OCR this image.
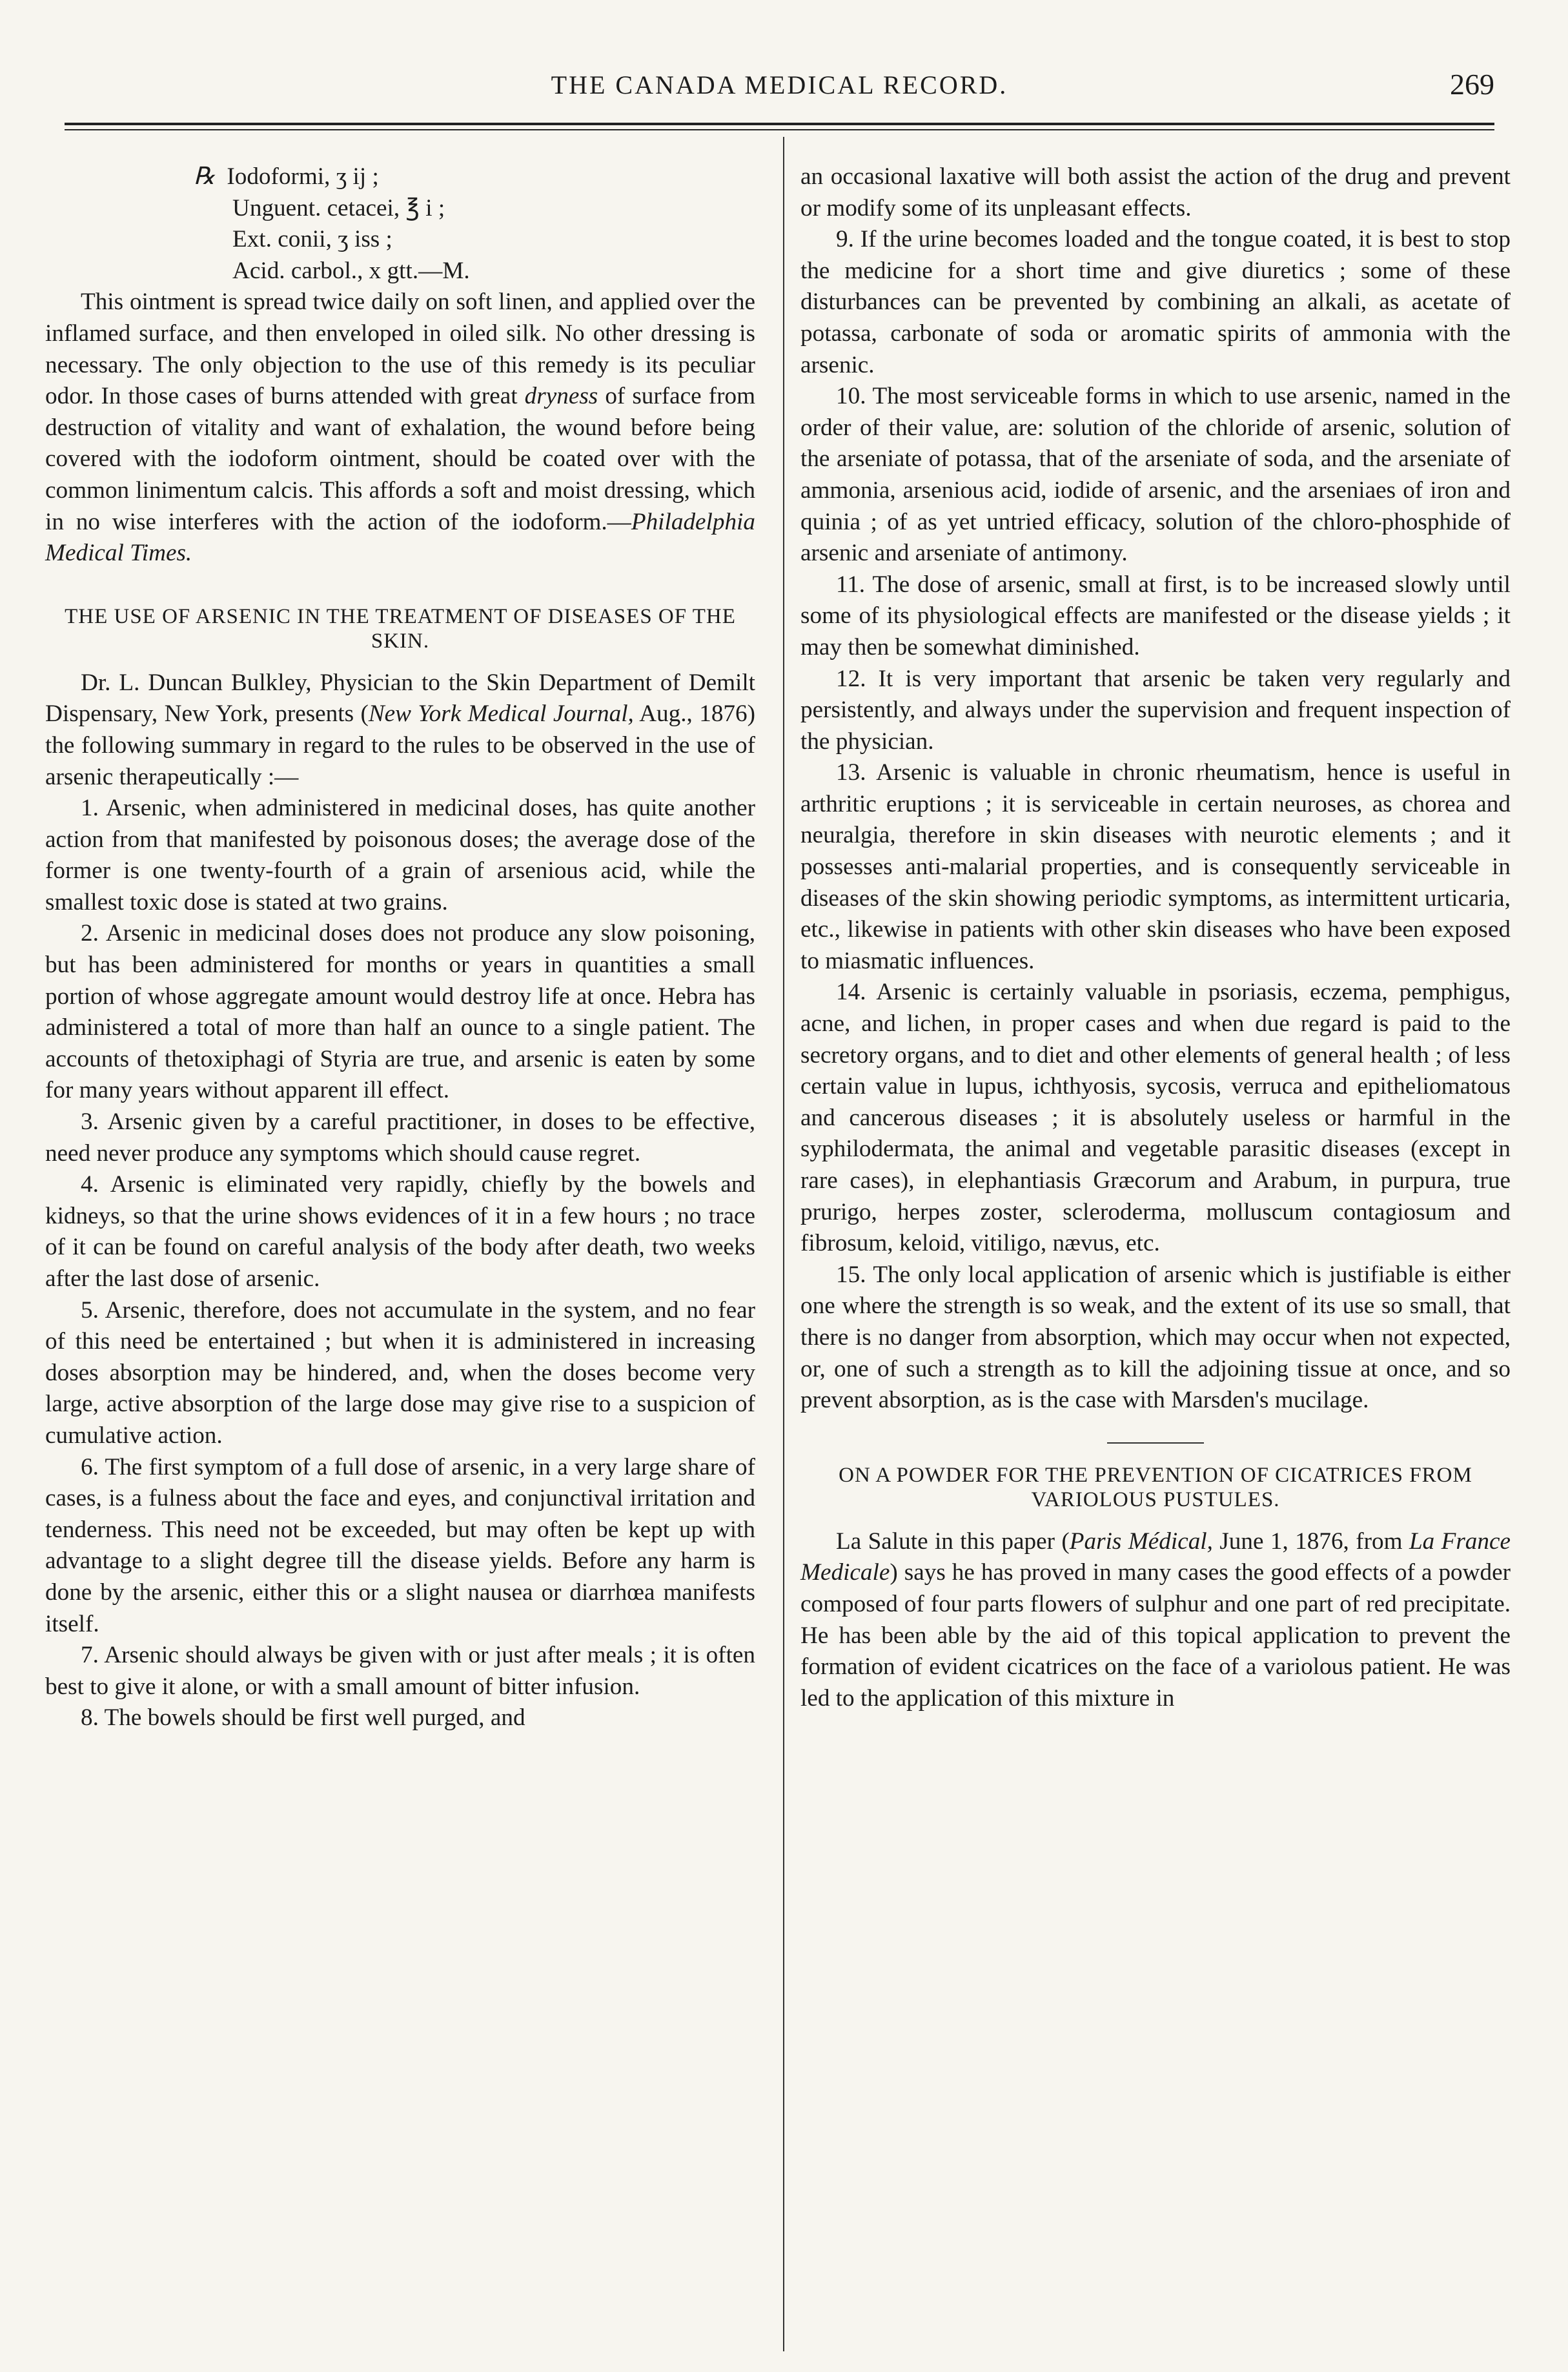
THE CANADA MEDICAL RECORD.	269
℞ Iodoformi, ʒ ij ;
Unguent. cetacei, ℥ i ;
Ext. conii, ʒ iss ;
Acid. carbol., x gtt.—M.

This ointment is spread twice daily on soft linen, and applied over the inflamed surface, and then enveloped in oiled silk. No other dressing is necessary. The only objection to the use of this remedy is its peculiar odor. In those cases of burns attended with great dryness of surface from destruction of vitality and want of exhalation, the wound before being covered with the iodoform ointment, should be coated over with the common linimentum calcis. This affords a soft and moist dressing, which in no wise interferes with the action of the iodoform.—Philadelphia Medical Times.

THE USE OF ARSENIC IN THE TREATMENT OF DISEASES OF THE SKIN.

Dr. L. Duncan Bulkley, Physician to the Skin Department of Demilt Dispensary, New York, presents (New York Medical Journal, Aug., 1876) the following summary in regard to the rules to be observed in the use of arsenic therapeutically :—

1. Arsenic, when administered in medicinal doses, has quite another action from that manifested by poisonous doses; the average dose of the former is one twenty-fourth of a grain of arsenious acid, while the smallest toxic dose is stated at two grains.

2. Arsenic in medicinal doses does not produce any slow poisoning, but has been administered for months or years in quantities a small portion of whose aggregate amount would destroy life at once. Hebra has administered a total of more than half an ounce to a single patient. The accounts of thetoxiphagi of Styria are true, and arsenic is eaten by some for many years without apparent ill effect.

3. Arsenic given by a careful practitioner, in doses to be effective, need never produce any symptoms which should cause regret.

4. Arsenic is eliminated very rapidly, chiefly by the bowels and kidneys, so that the urine shows evidences of it in a few hours ; no trace of it can be found on careful analysis of the body after death, two weeks after the last dose of arsenic.

5. Arsenic, therefore, does not accumulate in the system, and no fear of this need be entertained ; but when it is administered in increasing doses absorption may be hindered, and, when the doses become very large, active absorption of the large dose may give rise to a suspicion of cumulative action.

6. The first symptom of a full dose of arsenic, in a very large share of cases, is a fulness about the face and eyes, and conjunctival irritation and tenderness. This need not be exceeded, but may often be kept up with advantage to a slight degree till the disease yields. Before any harm is done by the arsenic, either this or a slight nausea or diarrhœa manifests itself.

7. Arsenic should always be given with or just after meals ; it is often best to give it alone, or with a small amount of bitter infusion.

8. The bowels should be first well purged, and

an occasional laxative will both assist the action of the drug and prevent or modify some of its unpleasant effects.

9. If the urine becomes loaded and the tongue coated, it is best to stop the medicine for a short time and give diuretics ; some of these disturbances can be prevented by combining an alkali, as acetate of potassa, carbonate of soda or aromatic spirits of ammonia with the arsenic.

10. The most serviceable forms in which to use arsenic, named in the order of their value, are: solution of the chloride of arsenic, solution of the arseniate of potassa, that of the arseniate of soda, and the arseniate of ammonia, arsenious acid, iodide of arsenic, and the arseniaes of iron and quinia ; of as yet untried efficacy, solution of the chloro-phosphide of arsenic and arseniate of antimony.

11. The dose of arsenic, small at first, is to be increased slowly until some of its physiological effects are manifested or the disease yields ; it may then be somewhat diminished.

12. It is very important that arsenic be taken very regularly and persistently, and always under the supervision and frequent inspection of the physician.

13. Arsenic is valuable in chronic rheumatism, hence is useful in arthritic eruptions ; it is serviceable in certain neuroses, as chorea and neuralgia, therefore in skin diseases with neurotic elements ; and it possesses anti-malarial properties, and is consequently serviceable in diseases of the skin showing periodic symptoms, as intermittent urticaria, etc., likewise in patients with other skin diseases who have been exposed to miasmatic influences.

14. Arsenic is certainly valuable in psoriasis, eczema, pemphigus, acne, and lichen, in proper cases and when due regard is paid to the secretory organs, and to diet and other elements of general health ; of less certain value in lupus, ichthyosis, sycosis, verruca and epitheliomatous and cancerous diseases ; it is absolutely useless or harmful in the syphilodermata, the animal and vegetable parasitic diseases (except in rare cases), in elephantiasis Græcorum and Arabum, in purpura, true prurigo, herpes zoster, scleroderma, molluscum contagiosum and fibrosum, keloid, vitiligo, nævus, etc.

15. The only local application of arsenic which is justifiable is either one where the strength is so weak, and the extent of its use so small, that there is no danger from absorption, which may occur when not expected, or, one of such a strength as to kill the adjoining tissue at once, and so prevent absorption, as is the case with Marsden's mucilage.

ON A POWDER FOR THE PREVENTION OF CICATRICES FROM VARIOLOUS PUSTULES.

La Salute in this paper (Paris Médical, June 1, 1876, from La France Medicale) says he has proved in many cases the good effects of a powder composed of four parts flowers of sulphur and one part of red precipitate. He has been able by the aid of this topical application to prevent the formation of evident cicatrices on the face of a variolous patient. He was led to the application of this mixture in
